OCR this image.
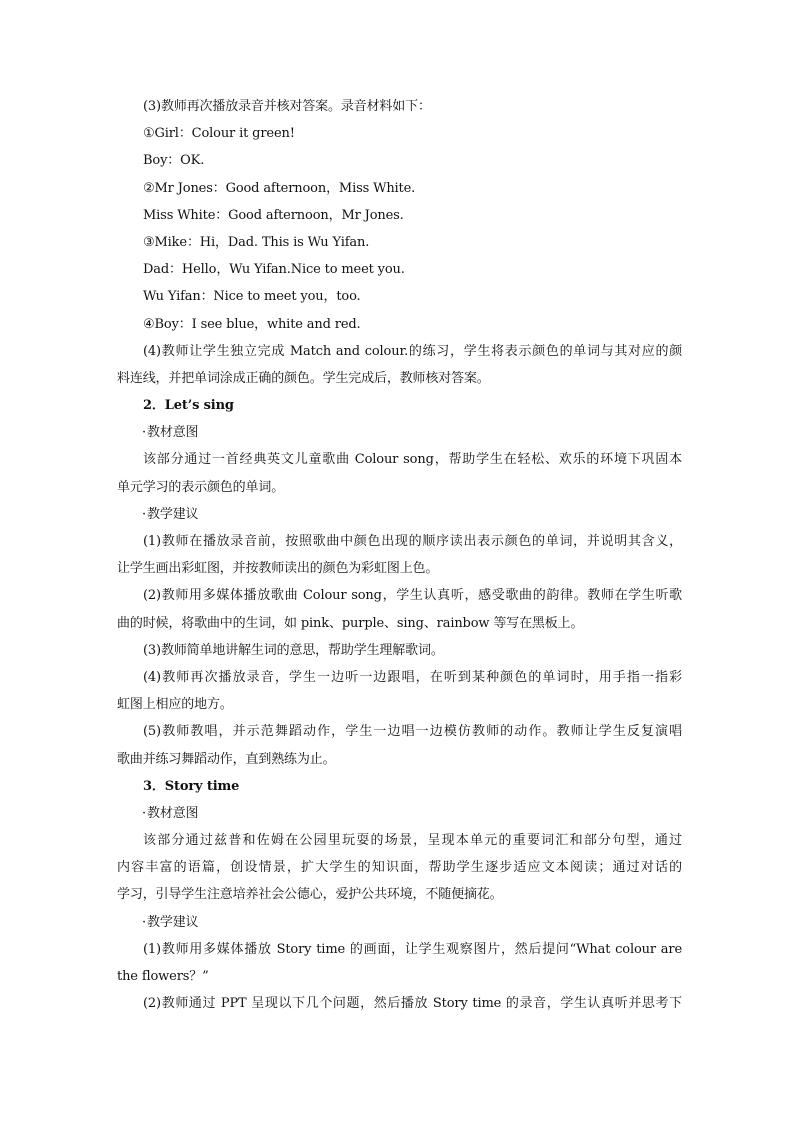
(3)教师再次播放录音并核对答案。录音材料如下：
①Girl：Colour it green!
Boy：OK.
②Mr Jones：Good afternoon，Miss White.
Miss White：Good afternoon，Mr Jones.
③Mike：Hi，Dad. This is Wu Yifan.
Dad：Hello，Wu Yifan.Nice to meet you.
Wu Yifan：Nice to meet you，too.
④Boy：I see blue，white and red.
(4)教师让学生独立完成 Match and colour.的练习，学生将表示颜色的单词与其对应的颜
料连线，并把单词涂成正确的颜色。学生完成后，教师核对答案。
2．Let’s sing
· 教材意图
该部分通过一首经典英文儿童歌曲 Colour song，帮助学生在轻松、欢乐的环境下巩固本
单元学习的表示颜色的单词。
· 教学建议
(1)教师在播放录音前，按照歌曲中颜色出现的顺序读出表示颜色的单词，并说明其含义，
让学生画出彩虹图，并按教师读出的颜色为彩虹图上色。
(2)教师用多媒体播放歌曲 Colour song，学生认真听，感受歌曲的韵律。教师在学生听歌
曲的时候，将歌曲中的生词，如 pink、purple、sing、rainbow 等写在黑板上。
(3)教师简单地讲解生词的意思，帮助学生理解歌词。
(4)教师再次播放录音，学生一边听一边跟唱，在听到某种颜色的单词时，用手指一指彩
虹图上相应的地方。
(5)教师教唱，并示范舞蹈动作，学生一边唱一边模仿教师的动作。教师让学生反复演唱
歌曲并练习舞蹈动作，直到熟练为止。
3．Story time
· 教材意图
该部分通过兹普和佐姆在公园里玩耍的场景，呈现本单元的重要词汇和部分句型，通过
内容丰富的语篇，创设情景，扩大学生的知识面，帮助学生逐步适应文本阅读；通过对话的
学习，引导学生注意培养社会公德心，爱护公共环境，不随便摘花。
· 教学建议
(1)教师用多媒体播放 Story time 的画面，让学生观察图片，然后提问“What colour are
the flowers？”
(2)教师通过 PPT 呈现以下几个问题，然后播放 Story time 的录音，学生认真听并思考下
